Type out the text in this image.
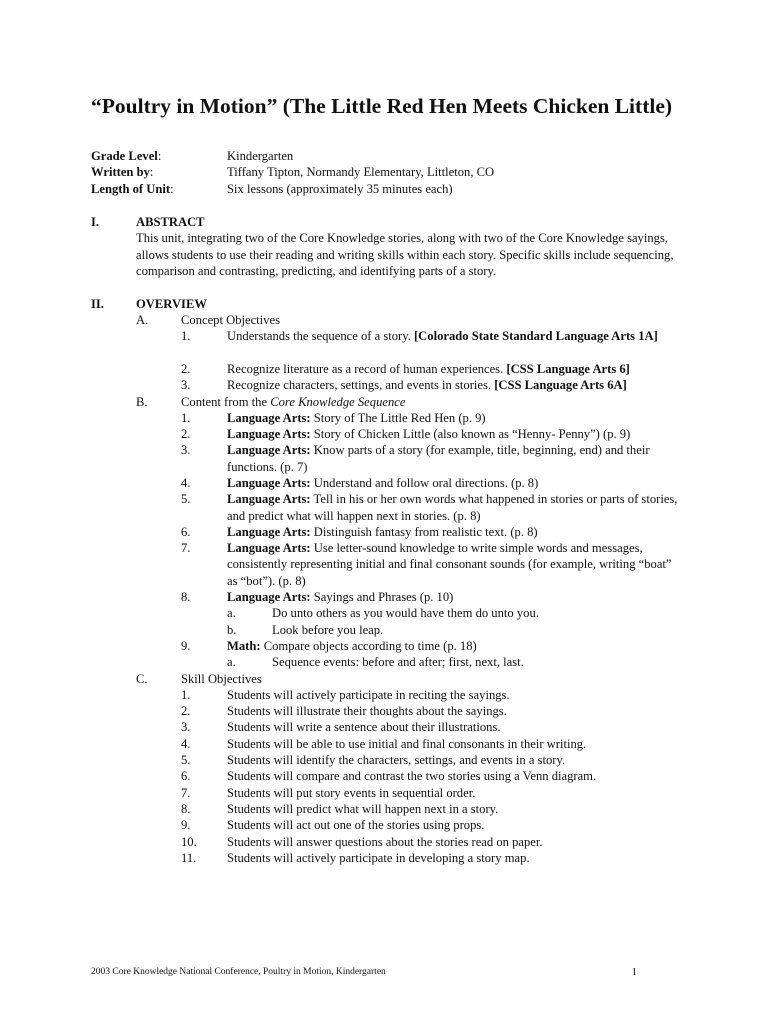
“Poultry in Motion” (The Little Red Hen Meets Chicken Little)
Grade Level:	Kindergarten
Written by:	Tiffany Tipton, Normandy Elementary, Littleton, CO
Length of Unit:	Six lessons (approximately 35 minutes each)
I.	ABSTRACT
This unit, integrating two of the Core Knowledge stories, along with two of the Core Knowledge sayings, allows students to use their reading and writing skills within each story. Specific skills include sequencing, comparison and contrasting, predicting, and identifying parts of a story.
II.	OVERVIEW
A.	Concept Objectives
1.	Understands the sequence of a story. [Colorado State Standard Language Arts 1A]
2.	Recognize literature as a record of human experiences. [CSS Language Arts 6]
3.	Recognize characters, settings, and events in stories. [CSS Language Arts 6A]
B.	Content from the Core Knowledge Sequence
1.	Language Arts: Story of The Little Red Hen (p. 9)
2.	Language Arts: Story of Chicken Little (also known as “Henny- Penny”) (p. 9)
3.	Language Arts: Know parts of a story (for example, title, beginning, end) and their functions. (p. 7)
4.	Language Arts: Understand and follow oral directions. (p. 8)
5.	Language Arts: Tell in his or her own words what happened in stories or parts of stories, and predict what will happen next in stories. (p. 8)
6.	Language Arts: Distinguish fantasy from realistic text. (p. 8)
7.	Language Arts: Use letter-sound knowledge to write simple words and messages, consistently representing initial and final consonant sounds (for example, writing “boat” as “bot”). (p. 8)
8.	Language Arts: Sayings and Phrases (p. 10)
a.	Do unto others as you would have them do unto you.
b.	Look before you leap.
9.	Math: Compare objects according to time (p. 18)
a.	Sequence events: before and after; first, next, last.
C.	Skill Objectives
1.	Students will actively participate in reciting the sayings.
2.	Students will illustrate their thoughts about the sayings.
3.	Students will write a sentence about their illustrations.
4.	Students will be able to use initial and final consonants in their writing.
5.	Students will identify the characters, settings, and events in a story.
6.	Students will compare and contrast the two stories using a Venn diagram.
7.	Students will put story events in sequential order.
8.	Students will predict what will happen next in a story.
9.	Students will act out one of the stories using props.
10. Students will answer questions about the stories read on paper.
11. Students will actively participate in developing a story map.
2003 Core Knowledge National Conference, Poultry in Motion, Kindergarten	1
